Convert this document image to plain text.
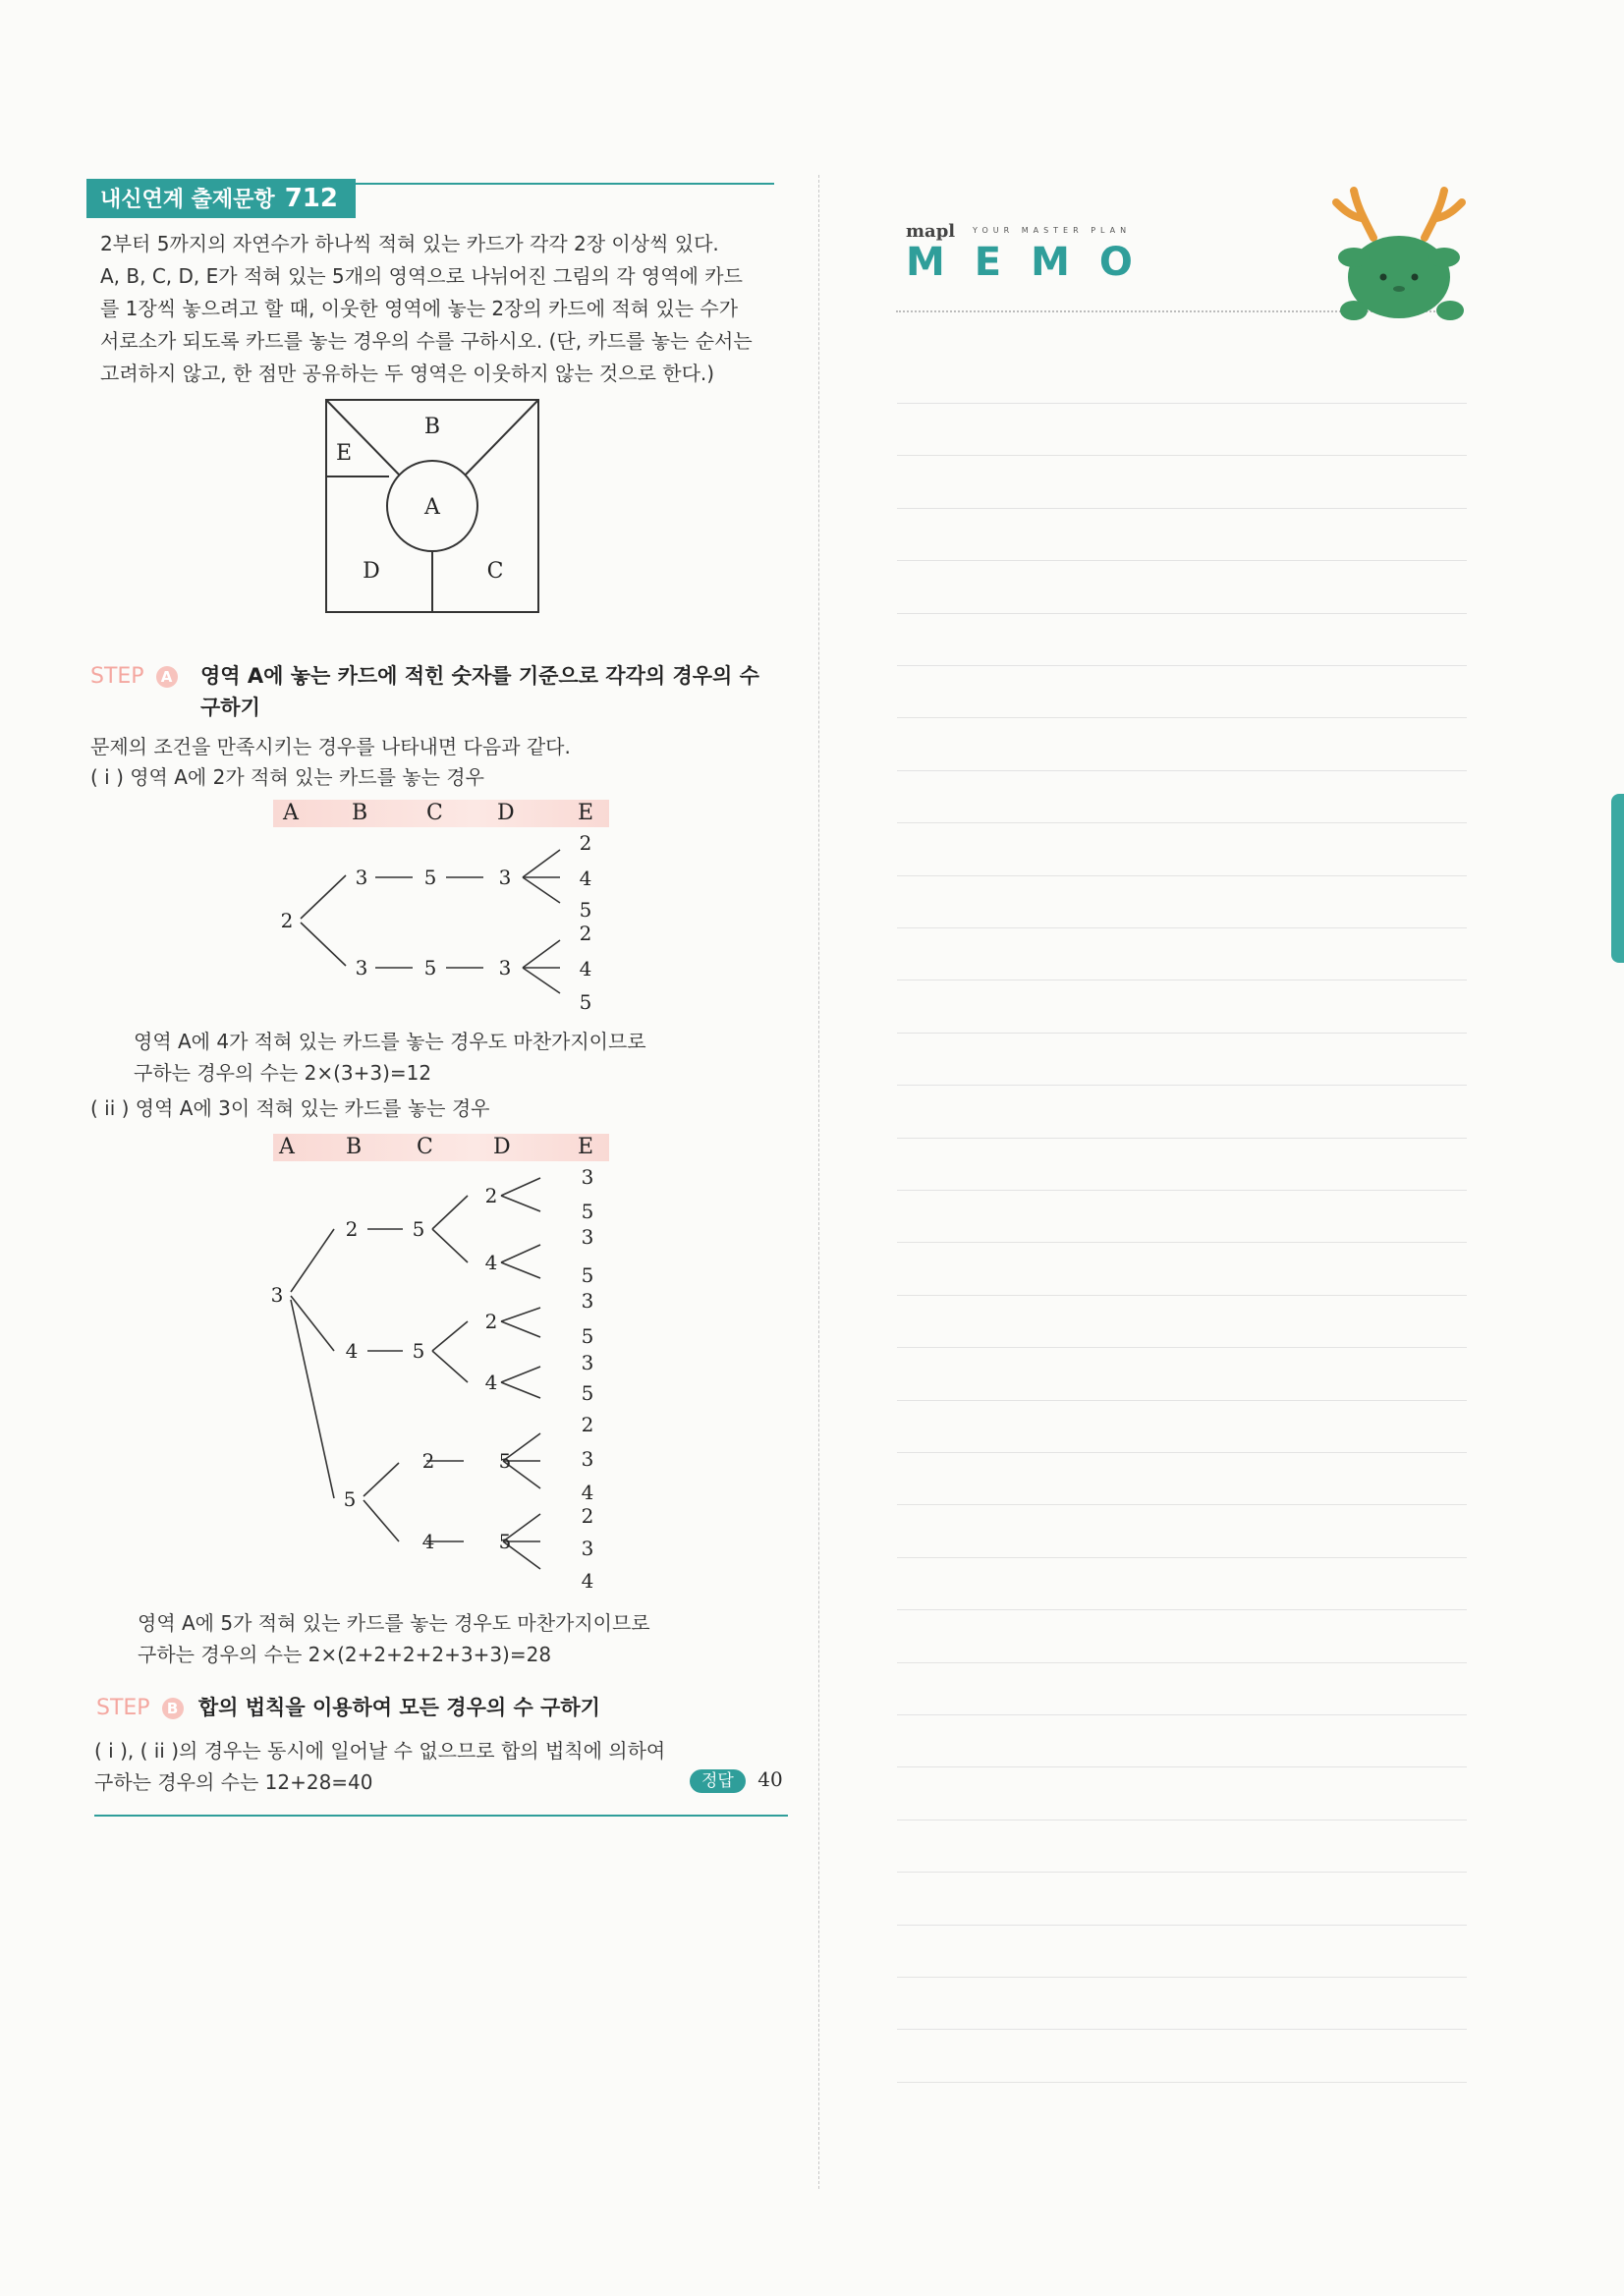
내신연계 출제문항 712

2부터 5까지의 자연수가 하나씩 적혀 있는 카드가 각각 2장 이상씩 있다.

A, B, C, D, E가 적혀 있는 5개의 영역으로 나뉘어진 그림의 각 영역에 카드

를 1장씩 놓으려고 할 때, 이웃한 영역에 놓는 2장의 카드에 적혀 있는 수가

서로소가 되도록 카드를 놓는 경우의 수를 구하시오. (단, 카드를 놓는 순서는

고려하지 않고, 한 점만 공유하는 두 영역은 이웃하지 않는 것으로 한다.)

B
E
A
D	C
STEP A	영역 A에 놓는 카드에 적힌 숫자를 기준으로 각각의 경우의 수
구하기
문제의 조건을 만족시키는 경우를 나타내면 다음과 같다.
( i ) 영역 A에 2가 적혀 있는 카드를 놓는 경우
A B	C	D	E
2
3	5	3
3	5	3
2
4
5
2
4
5
영역 A에 4가 적혀 있는 카드를 놓는 경우도 마찬가지이므로
구하는 경우의 수는 2×(3+3)=12
( ii ) 영역 A에 3이 적혀 있는 카드를 놓는 경우
A B	C	D	E
3
2
4
5
5
5
2
4
2
4
2
4
5
5
3
5
3
5
3
5
3
5
2
3
4
2
3
4
영역 A에 5가 적혀 있는 카드를 놓는 경우도 마찬가지이므로
구하는 경우의 수는 2×(2+2+2+2+3+3)=28
STEP B 합의 법칙을 이용하여 모든 경우의 수 구하기
( i ), ( ii )의 경우는 동시에 일어날 수 없으므로 합의 법칙에 의하여
구하는 경우의 수는 12+28=40	정답 40
mapl YOUR MASTER PLAN
MEMO
